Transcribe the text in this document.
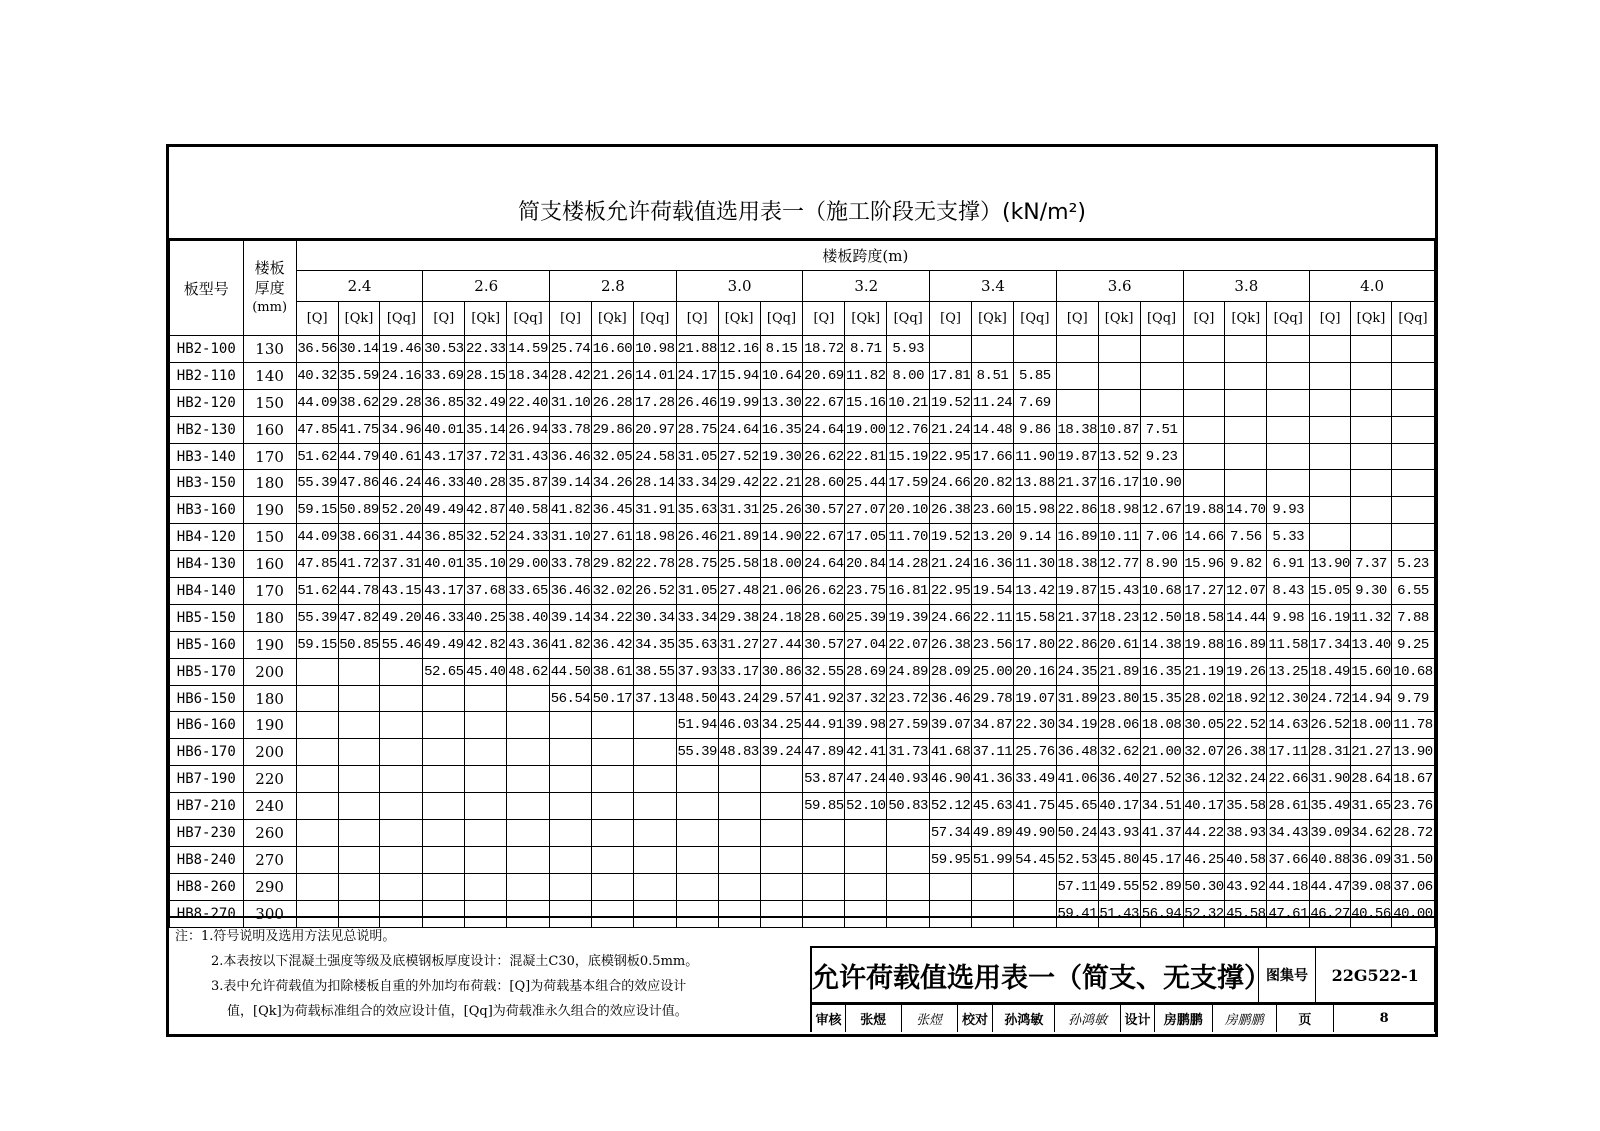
简支楼板允许荷载值选用表一（施工阶段无支撑）(kN/m²)
板型号	楼板
厚度
(mm)	楼板跨度(m)																										
		2.4			2.6			2.8			3.0			3.2			3.4			3.6			3.8			4.0		
		[Q]	[Qk]	[Qq]	[Q]	[Qk]	[Qq]	[Q]	[Qk]	[Qq]	[Q]	[Qk]	[Qq]	[Q]	[Qk]	[Qq]	[Q]	[Qk]	[Qq]	[Q]	[Qk]	[Qq]	[Q]	[Qk]	[Qq]	[Q]	[Qk]	[Qq]
HB2-100	130	36.56	30.14	19.46	30.53	22.33	14.59	25.74	16.60	10.98	21.88	12.16	8.15	18.72	8.71	5.93												
HB2-110	140	40.32	35.59	24.16	33.69	28.15	18.34	28.42	21.26	14.01	24.17	15.94	10.64	20.69	11.82	8.00	17.81	8.51	5.85									
HB2-120	150	44.09	38.62	29.28	36.85	32.49	22.40	31.10	26.28	17.28	26.46	19.99	13.30	22.67	15.16	10.21	19.52	11.24	7.69									
HB2-130	160	47.85	41.75	34.96	40.01	35.14	26.94	33.78	29.86	20.97	28.75	24.64	16.35	24.64	19.00	12.76	21.24	14.48	9.86	18.38	10.87	7.51						
HB3-140	170	51.62	44.79	40.61	43.17	37.72	31.43	36.46	32.05	24.58	31.05	27.52	19.30	26.62	22.81	15.19	22.95	17.66	11.90	19.87	13.52	9.23						
HB3-150	180	55.39	47.86	46.24	46.33	40.28	35.87	39.14	34.26	28.14	33.34	29.42	22.21	28.60	25.44	17.59	24.66	20.82	13.88	21.37	16.17	10.90						
HB3-160	190	59.15	50.89	52.20	49.49	42.87	40.58	41.82	36.45	31.91	35.63	31.31	25.26	30.57	27.07	20.10	26.38	23.60	15.98	22.86	18.98	12.67	19.88	14.70	9.93			
HB4-120	150	44.09	38.66	31.44	36.85	32.52	24.33	31.10	27.61	18.98	26.46	21.89	14.90	22.67	17.05	11.70	19.52	13.20	9.14	16.89	10.11	7.06	14.66	7.56	5.33			
HB4-130	160	47.85	41.72	37.31	40.01	35.10	29.00	33.78	29.82	22.78	28.75	25.58	18.00	24.64	20.84	14.28	21.24	16.36	11.30	18.38	12.77	8.90	15.96	9.82	6.91	13.90	7.37	5.23
HB4-140	170	51.62	44.78	43.15	43.17	37.68	33.65	36.46	32.02	26.52	31.05	27.48	21.06	26.62	23.75	16.81	22.95	19.54	13.42	19.87	15.43	10.68	17.27	12.07	8.43	15.05	9.30	6.55
HB5-150	180	55.39	47.82	49.20	46.33	40.25	38.40	39.14	34.22	30.34	33.34	29.38	24.18	28.60	25.39	19.39	24.66	22.11	15.58	21.37	18.23	12.50	18.58	14.44	9.98	16.19	11.32	7.88
HB5-160	190	59.15	50.85	55.46	49.49	42.82	43.36	41.82	36.42	34.35	35.63	31.27	27.44	30.57	27.04	22.07	26.38	23.56	17.80	22.86	20.61	14.38	19.88	16.89	11.58	17.34	13.40	9.25
HB5-170	200				52.65	45.40	48.62	44.50	38.61	38.55	37.93	33.17	30.86	32.55	28.69	24.89	28.09	25.00	20.16	24.35	21.89	16.35	21.19	19.26	13.25	18.49	15.60	10.68
HB6-150	180							56.54	50.17	37.13	48.50	43.24	29.57	41.92	37.32	23.72	36.46	29.78	19.07	31.89	23.80	15.35	28.02	18.92	12.30	24.72	14.94	9.79
HB6-160	190										51.94	46.03	34.25	44.91	39.98	27.59	39.07	34.87	22.30	34.19	28.06	18.08	30.05	22.52	14.63	26.52	18.00	11.78
HB6-170	200										55.39	48.83	39.24	47.89	42.41	31.73	41.68	37.11	25.76	36.48	32.62	21.00	32.07	26.38	17.11	28.31	21.27	13.90
HB7-190	220													53.87	47.24	40.93	46.90	41.36	33.49	41.06	36.40	27.52	36.12	32.24	22.66	31.90	28.64	18.67
HB7-210	240													59.85	52.10	50.83	52.12	45.63	41.75	45.65	40.17	34.51	40.17	35.58	28.61	35.49	31.65	23.76
HB7-230	260																57.34	49.89	49.90	50.24	43.93	41.37	44.22	38.93	34.43	39.09	34.62	28.72
HB8-240	270																59.95	51.99	54.45	52.53	45.80	45.17	46.25	40.58	37.66	40.88	36.09	31.50
HB8-260	290																			57.11	49.55	52.89	50.30	43.92	44.18	44.47	39.08	37.06
HB8-270	300																			59.41	51.43	56.94	52.32	45.58	47.61	46.27	40.56	40.00
注：1.符号说明及选用方法见总说明。
2.本表按以下混凝土强度等级及底模钢板厚度设计：混凝土C30，底模钢板0.5mm。
3.表中允许荷载值为扣除楼板自重的外加均布荷载：[Q]为荷载基本组合的效应设计
值，[Qk]为荷载标准组合的效应设计值，[Qq]为荷载准永久组合的效应设计值。
允许荷载值选用表一（简支、无支撑）
图集号	22G522-1
审核	张煜	张煜	校对	孙鸿敏	孙鸿敏	设计	房鹏鹏	房鹏鹏	页	8
